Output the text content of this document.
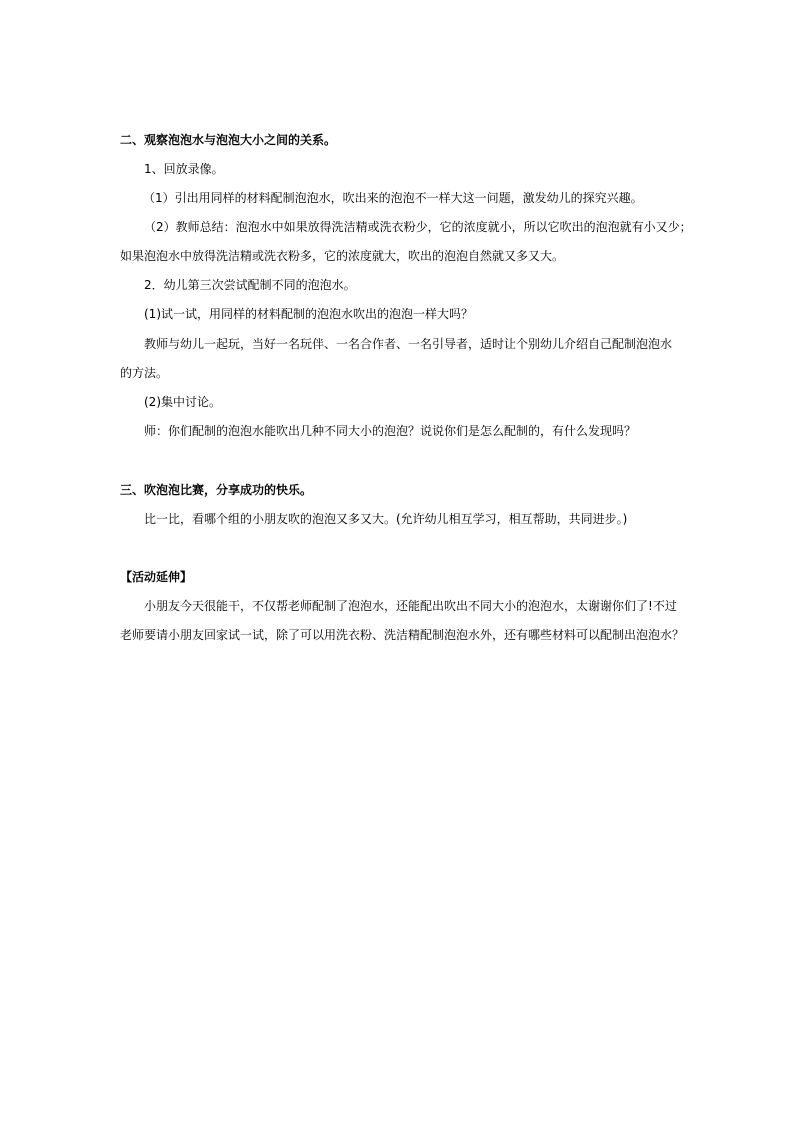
二、观察泡泡水与泡泡大小之间的关系。
1、回放录像。
（1）引出用同样的材料配制泡泡水，吹出来的泡泡不一样大这一问题，激发幼儿的探究兴趣。
（2）教师总结：泡泡水中如果放得洗洁精或洗衣粉少，它的浓度就小，所以它吹出的泡泡就有小又少；
如果泡泡水中放得洗洁精或洗衣粉多，它的浓度就大，吹出的泡泡自然就又多又大。
2．幼儿第三次尝试配制不同的泡泡水。
(1)试一试，用同样的材料配制的泡泡水吹出的泡泡一样大吗？
教师与幼儿一起玩，当好一名玩伴、一名合作者、一名引导者，适时让个别幼儿介绍自己配制泡泡水
的方法。
(2)集中讨论。
师：你们配制的泡泡水能吹出几种不同大小的泡泡？说说你们是怎么配制的，有什么发现吗？
三、吹泡泡比赛，分享成功的快乐。
比一比，看哪个组的小朋友吹的泡泡又多又大。(允许幼儿相互学习，相互帮助，共同进步。)
【活动延伸】
小朋友今天很能干，不仅帮老师配制了泡泡水，还能配出吹出不同大小的泡泡水，太谢谢你们了!不过
老师要请小朋友回家试一试，除了可以用洗衣粉、洗洁精配制泡泡水外，还有哪些材料可以配制出泡泡水？
